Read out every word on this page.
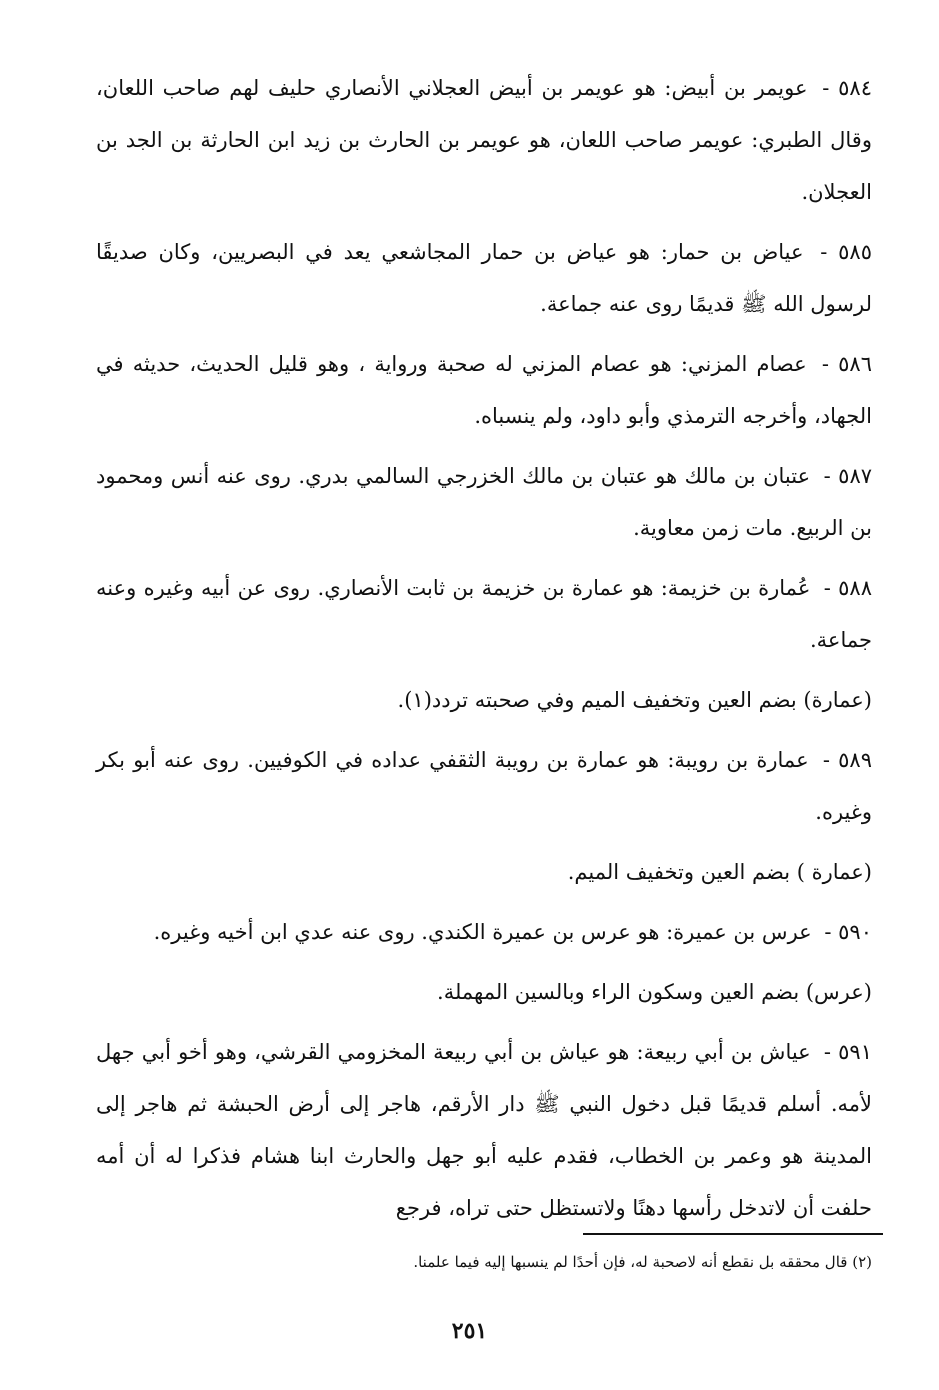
٥٨٤ - عويمر بن أبيض: هو عويمر بن أبيض العجلاني الأنصاري حليف لهم صاحب اللعان، وقال الطبري: عويمر صاحب اللعان، هو عويمر بن الحارث بن زيد ابن الحارثة بن الجد بن العجلان.

٥٨٥ - عياض بن حمار: هو عياض بن حمار المجاشعي يعد في البصريين، وكان صديقًا لرسول الله ﷺ قديمًا روى عنه جماعة.

٥٨٦ - عصام المزني: هو عصام المزني له صحبة ورواية ، وهو قليل الحديث، حديثه في الجهاد، وأخرجه الترمذي وأبو داود، ولم ينسباه.

٥٨٧ - عتبان بن مالك هو عتبان بن مالك الخزرجي السالمي بدري. روى عنه أنس ومحمود بن الربيع. مات زمن معاوية.

٥٨٨ - عُمارة بن خزيمة: هو عمارة بن خزيمة بن ثابت الأنصاري. روى عن أبيه وغيره وعنه جماعة.

(عمارة) بضم العين وتخفيف الميم وفي صحبته تردد(١).

٥٨٩ - عمارة بن رويبة: هو عمارة بن رويبة الثقفي عداده في الكوفيين. روى عنه أبو بكر وغيره.

(عمارة ) بضم العين وتخفيف الميم.

٥٩٠ - عرس بن عميرة: هو عرس بن عميرة الكندي. روى عنه عدي ابن أخيه وغيره.

(عرس) بضم العين وسكون الراء وبالسين المهملة.

٥٩١ - عياش بن أبي ربيعة: هو عياش بن أبي ربيعة المخزومي القرشي، وهو أخو أبي جهل لأمه. أسلم قديمًا قبل دخول النبي ﷺ دار الأرقم، هاجر إلى أرض الحبشة ثم هاجر إلى المدينة هو وعمر بن الخطاب، فقدم عليه أبو جهل والحارث ابنا هشام فذكرا له أن أمه حلفت أن لاتدخل رأسها دهنًا ولاتستظل حتى تراه، فرجع

(٢) قال محققه بل نقطع أنه لاصحبة له، فإن أحدًا لم ينسبها إليه فيما علمنا.
٢٥١
